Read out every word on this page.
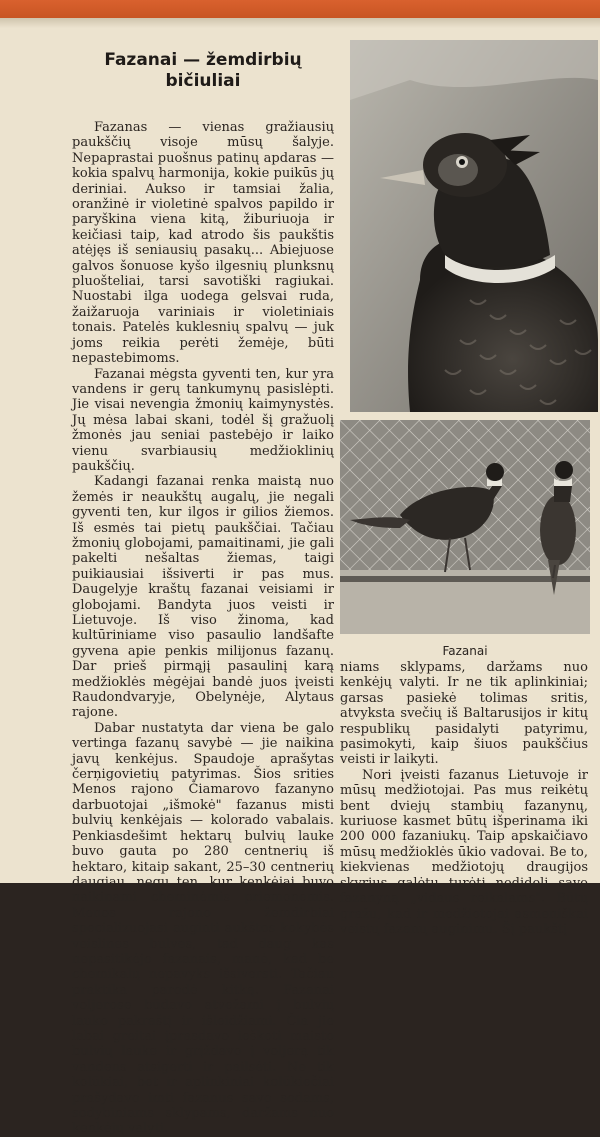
Fazanai — žemdirbių bičiuliai

Fazanas — vienas gražiausių paukščių visoje mūsų šalyje. Nepaprastai puošnus patinų apdaras — kokia spalvų harmonija, kokie puikūs jų deriniai. Aukso ir tamsiai žalia, oranžinė ir violetinė spalvos papildo ir paryškina viena kitą, žiburiuoja ir keičiasi taip, kad atrodo šis paukštis atėjęs iš seniausių pasakų... Abiejuose galvos šonuose kyšo ilgesnių plunksnų pluošteliai, tarsi savotiški ragiukai. Nuostabi ilga uodega gelsvai ruda, žaižaruoja variniais ir violetiniais tonais. Patelės kuklesnių spalvų — juk joms reikia perėti žemėje, būti nepastebimoms.

Fazanai mėgsta gyventi ten, kur yra vandens ir gerų tankumynų pasislėpti. Jie visai nevengia žmonių kaimynystės. Jų mėsa labai skani, todėl šį gražuolį žmonės jau seniai pastebėjo ir laiko vienu svarbiausių medžioklinių paukščių.

Kadangi fazanai renka maistą nuo žemės ir neaukštų augalų, jie negali gyventi ten, kur ilgos ir gilios žiemos. Iš esmės tai pietų paukščiai. Tačiau žmonių globojami, pamaitinami, jie gali pakelti nešaltas žiemas, taigi puikiausiai išsiverti ir pas mus. Daugelyje kraštų fazanai veisiami ir globojami. Bandyta juos veisti ir Lietuvoje. Iš viso žinoma, kad kultūriniame viso pasaulio landšafte gyvena apie penkis milijonus fazanų. Dar prieš pirmąjį pasaulinį karą medžioklės mėgėjai bandė juos įveisti Raudondvaryje, Obelynėje, Alytaus rajone.

Dabar nustatyta dar viena be galo vertinga fazanų savybė — jie naikina javų kenkėjus. Spaudoje aprašytas čerņigovietių patyrimas. Šios srities Menos rajono Čiamarovo fazanyno darbuotojai „išmokė" fazanus misti bulvių kenkėjais — kolorado vabalais. Penkiasdešimt hektarų bulvių lauke buvo gauta po 280 centnerių iš hektaro, kitaip sakant, 25–30 centnerių daugiau, negu ten, kur kenkėjai buvo naikinami cheminėmis priemonėmis. Menos rajono žemdirbiai specializuojasi auginti aukštos kokybės veislines bulves, tad daug kas nepasitikėjo fazanais, manė, kad be chemikalų nepavyks išsiversti. Tačiau praktika parodė kitką. Fazanai voljerose būdavo atvežami į bulvių lauko pakraštį ir išleidžiami. Čia jie labai greitai įprasdavo ieškoti maisto bulvių lauke ir grįždavo į voljerą tik vandens atsigerti ir pailsėti. Ne tik kolūkiai, bet ir aplinkiniai kolūkiečiai prašydavo imti fazanus savo sodams, sodybiniams sklypams, daržams nuo kenkėjų valyti.

Fazanai

niams sklypams, daržams nuo kenkėjų valyti. Ir ne tik aplinkiniai; garsas pasiekė tolimas sritis, atvyksta svečių iš Baltarusijos ir kitų respublikų pasidalyti patyrimu, pasimokyti, kaip šiuos paukščius veisti ir laikyti.

Nori įveisti fazanus Lietuvoje ir mūsų medžiotojai. Pas mus reikėtų bent dviejų stambių fazanynų, kuriuose kasmet būtų išperinama iki 200 000 fazaniukų. Taip apskaičiavo mūsų medžioklės ūkio vadovai. Be to, kiekvienas medžiotojų draugijos skyrius galėtų turėti nedidelį savo fazanyną „vidaus reikalams". Būtų gražu, kad ir medžiotojai asmeniškai veistų fazanų auginimu. Šį paukštį
